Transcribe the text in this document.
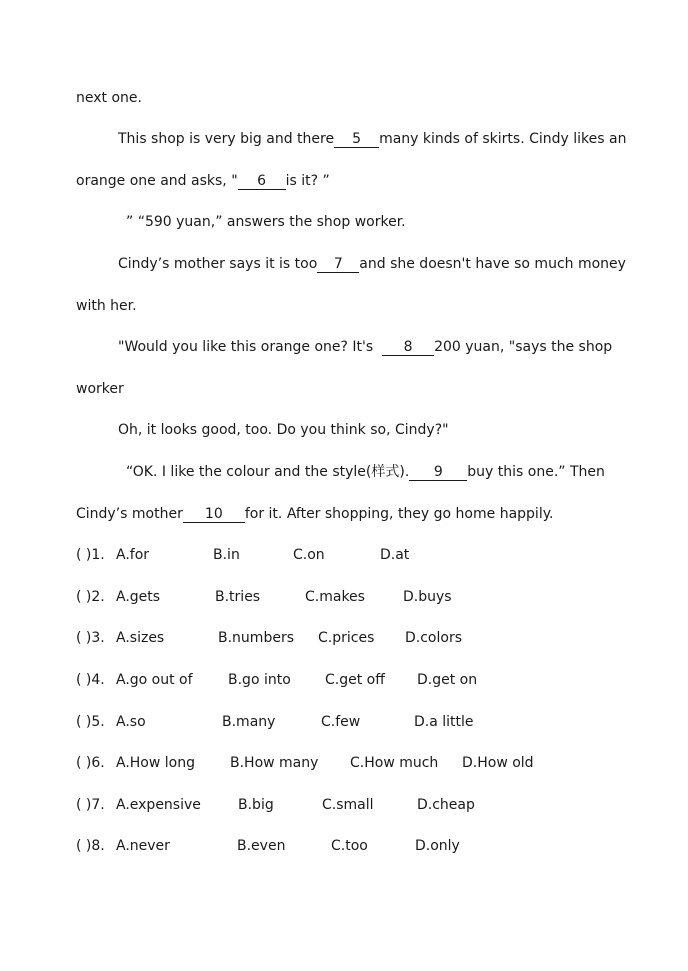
next one.
This shop is very big and there 5 many kinds of skirts. Cindy likes an
orange one and asks, " 6 is it? ”
” “590 yuan,” answers the shop worker.
Cindy’s mother says it is too 7 and she doesn't have so much money
with her.
"Would you like this orange one? It's 8 200 yuan, "says the shop
worker
Oh, it looks good, too. Do you think so, Cindy?"
“OK. I like the colour and the style(样式). 9 buy this one.” Then
Cindy’s mother 10 for it. After shopping, they go home happily.
( )1. A.for	B.in	C.on	D.at
( )2. A.gets	B.tries	C.makes	D.buys
( )3. A.sizes	B.numbers C.prices D.colors
( )4. A.go out of	B.go into C.get off D.get on
( )5. A.so	B.many	C.few	D.a little
( )6. A.How long	B.How many C.How much D.How old
( )7. A.expensive	B.big	C.small	D.cheap
( )8. A.never	B.even	C.too	D.only
